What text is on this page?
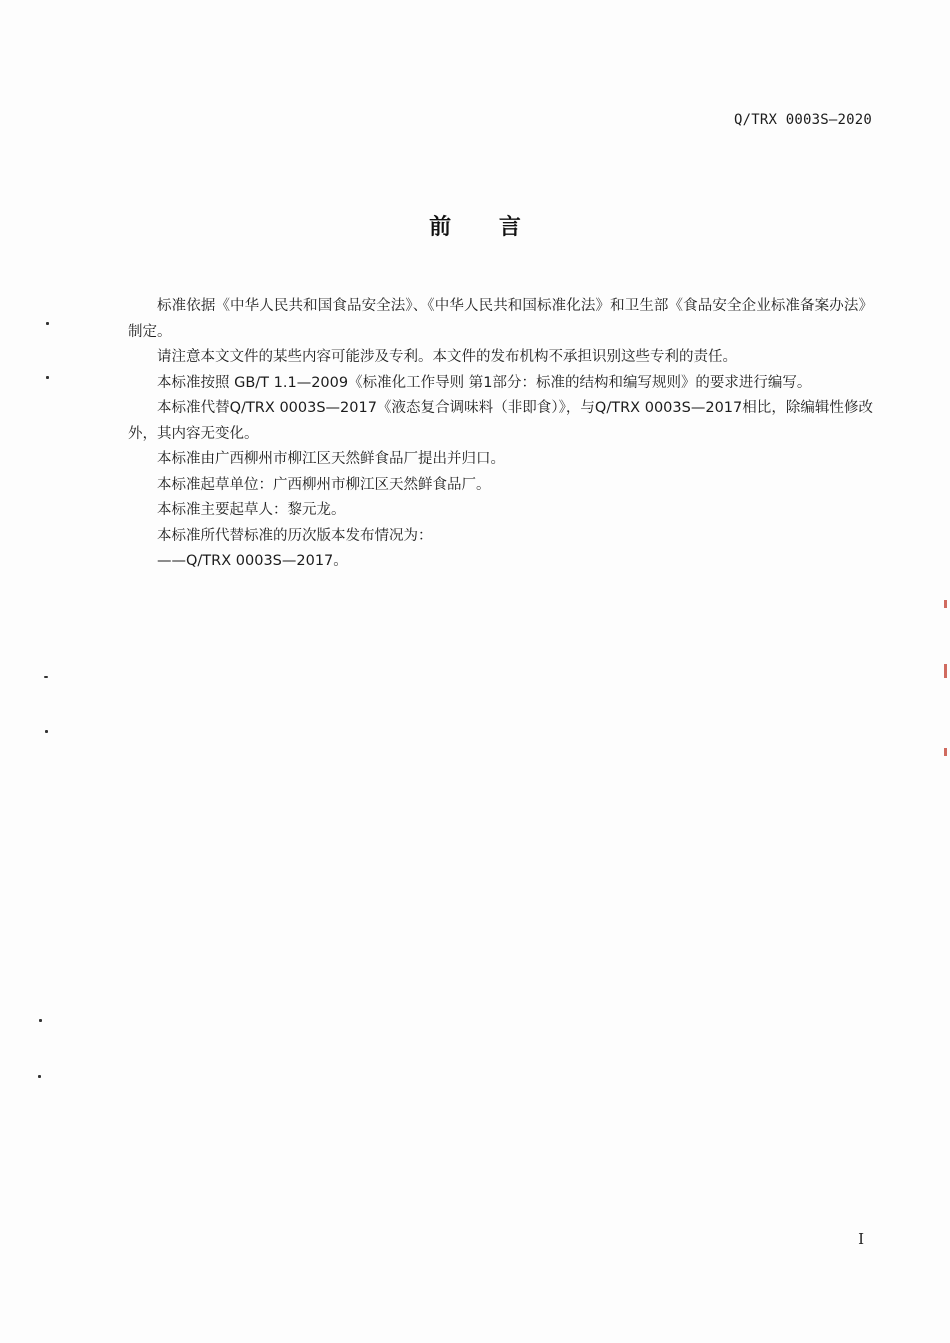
Q/TRX 0003S—2020
前 言

标准依据《中华人民共和国食品安全法》、《中华人民共和国标准化法》和卫生部《食品安全企业标准备案办法》制定。

请注意本文文件的某些内容可能涉及专利。本文件的发布机构不承担识别这些专利的责任。

本标准按照 GB/T 1.1—2009《标准化工作导则 第1部分：标准的结构和编写规则》的要求进行编写。

本标准代替Q/TRX 0003S—2017《液态复合调味料（非即食）》，与Q/TRX 0003S—2017相比，除编辑性修改外，其内容无变化。

本标准由广西柳州市柳江区天然鲜食品厂提出并归口。

本标准起草单位：广西柳州市柳江区天然鲜食品厂。

本标准主要起草人：黎元龙。

本标准所代替标准的历次版本发布情况为：

——Q/TRX 0003S—2017。

I
